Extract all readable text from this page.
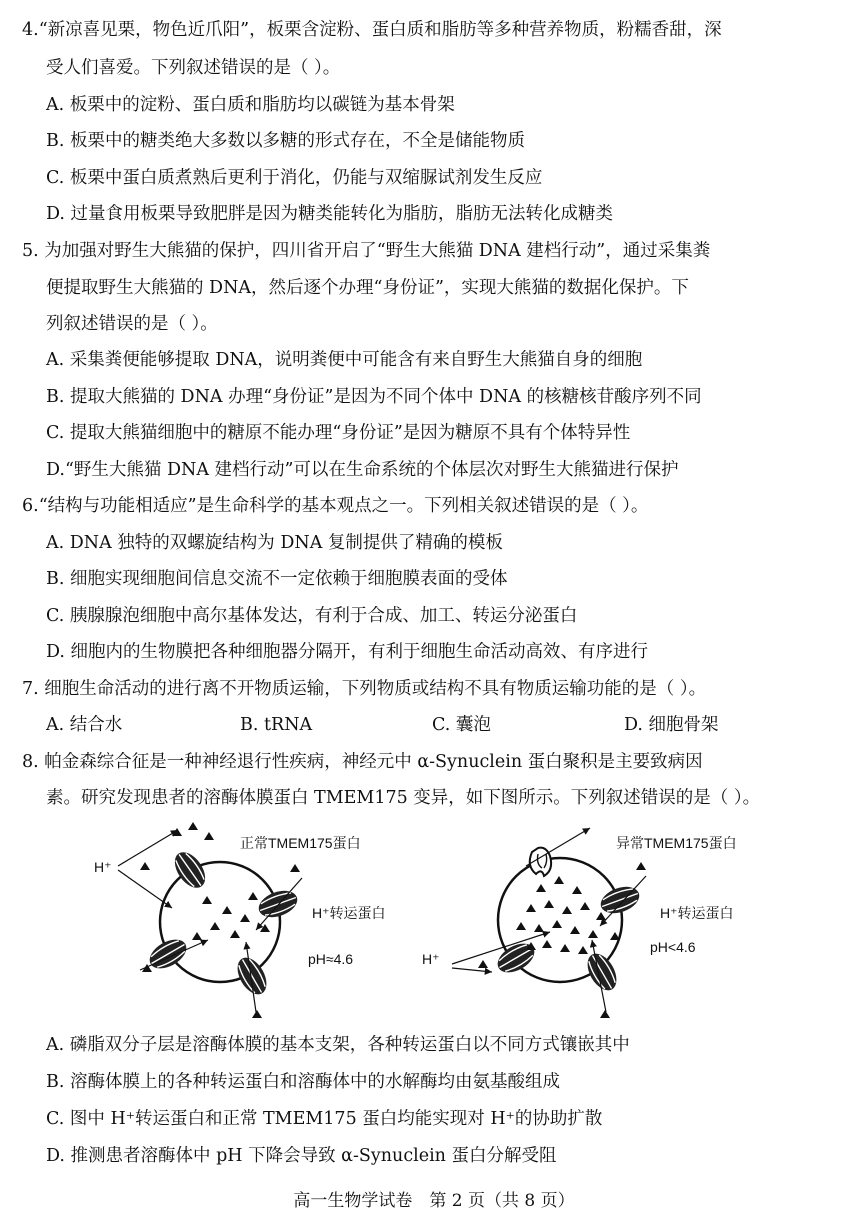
4.“新凉喜见栗，物色近爪阳”，板栗含淀粉、蛋白质和脂肪等多种营养物质，粉糯香甜，深
受人们喜爱。下列叙述错误的是（ ）。
A. 板栗中的淀粉、蛋白质和脂肪均以碳链为基本骨架
B. 板栗中的糖类绝大多数以多糖的形式存在，不全是储能物质
C. 板栗中蛋白质煮熟后更利于消化，仍能与双缩脲试剂发生反应
D. 过量食用板栗导致肥胖是因为糖类能转化为脂肪，脂肪无法转化成糖类
5. 为加强对野生大熊猫的保护，四川省开启了“野生大熊猫 DNA 建档行动”，通过采集粪
便提取野生大熊猫的 DNA，然后逐个办理“身份证”，实现大熊猫的数据化保护。下
列叙述错误的是（ ）。
A. 采集粪便能够提取 DNA，说明粪便中可能含有来自野生大熊猫自身的细胞
B. 提取大熊猫的 DNA 办理“身份证”是因为不同个体中 DNA 的核糖核苷酸序列不同
C. 提取大熊猫细胞中的糖原不能办理“身份证”是因为糖原不具有个体特异性
D.“野生大熊猫 DNA 建档行动”可以在生命系统的个体层次对野生大熊猫进行保护
6.“结构与功能相适应”是生命科学的基本观点之一。下列相关叙述错误的是（ ）。
A. DNA 独特的双螺旋结构为 DNA 复制提供了精确的模板
B. 细胞实现细胞间信息交流不一定依赖于细胞膜表面的受体
C. 胰腺腺泡细胞中高尔基体发达，有利于合成、加工、转运分泌蛋白
D. 细胞内的生物膜把各种细胞器分隔开，有利于细胞生命活动高效、有序进行
7. 细胞生命活动的进行离不开物质运输，下列物质或结构不具有物质运输功能的是（ ）。
A. 结合水	B. tRNA	C. 囊泡	D. 细胞骨架
8. 帕金森综合征是一种神经退行性疾病，神经元中 α-Synuclein 蛋白聚积是主要致病因
素。研究发现患者的溶酶体膜蛋白 TMEM175 变异，如下图所示。下列叙述错误的是（ ）。
H⁺
正常TMEM175蛋白
H⁺转运蛋白
pH≈4.6	H⁺
异常TMEM175蛋白
H⁺转运蛋白
pH<4.6
A. 磷脂双分子层是溶酶体膜的基本支架，各种转运蛋白以不同方式镶嵌其中
B. 溶酶体膜上的各种转运蛋白和溶酶体中的水解酶均由氨基酸组成
C. 图中 H⁺转运蛋白和正常 TMEM175 蛋白均能实现对 H⁺的协助扩散
D. 推测患者溶酶体中 pH 下降会导致 α-Synuclein 蛋白分解受阻
高一生物学试卷　第 2 页（共 8 页）
